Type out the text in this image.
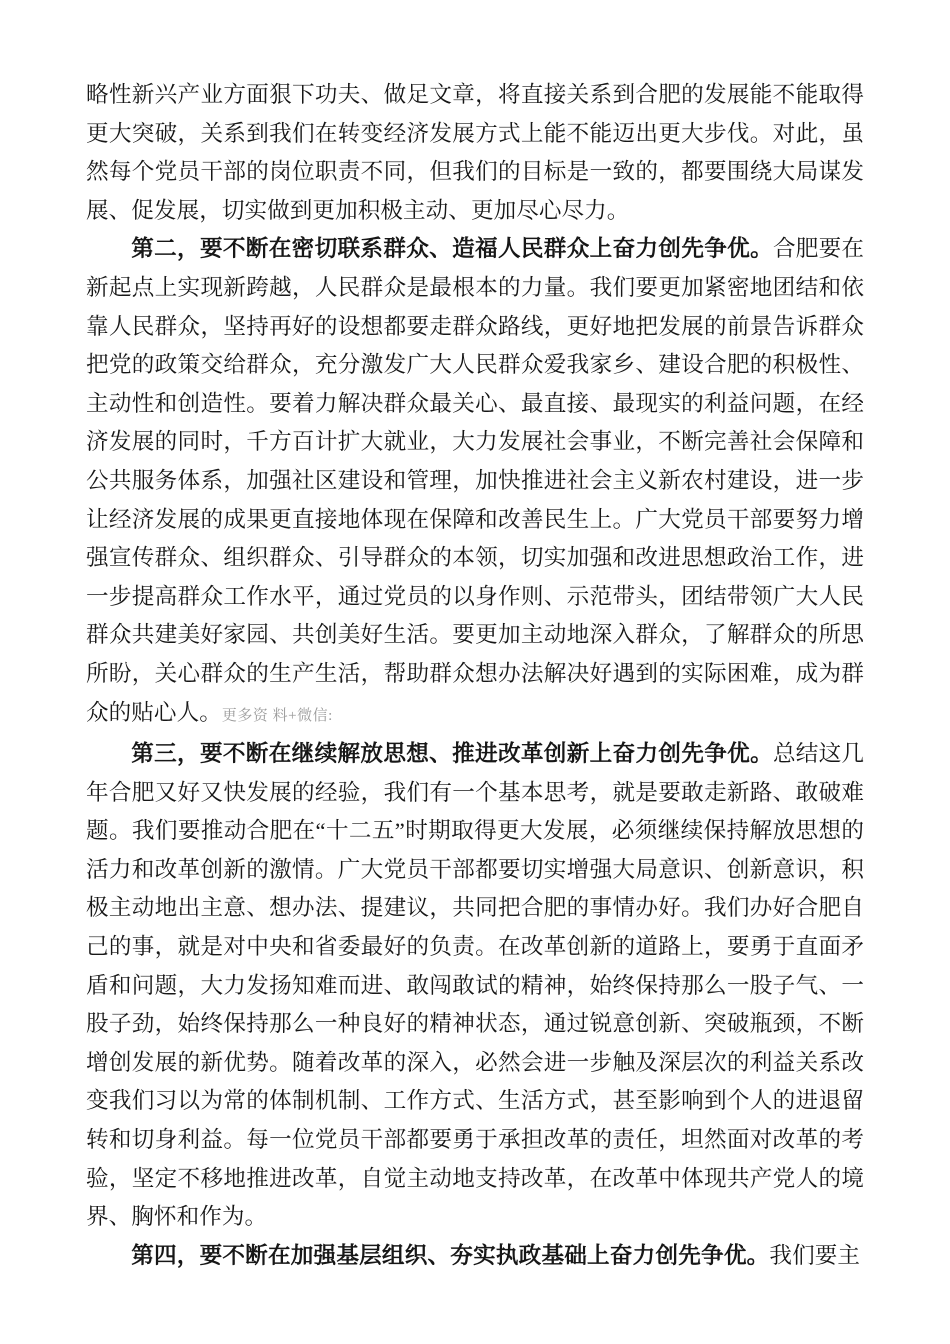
略性新兴产业方面狠下功夫、做足文章，将直接关系到合肥的发展能不能取得更大突破，关系到我们在转变经济发展方式上能不能迈出更大步伐。对此，虽然每个党员干部的岗位职责不同，但我们的目标是一致的，都要围绕大局谋发展、促发展，切实做到更加积极主动、更加尽心尽力。

第二，要不断在密切联系群众、造福人民群众上奋力创先争优。合肥要在新起点上实现新跨越，人民群众是最根本的力量。我们要更加紧密地团结和依靠人民群众，坚持再好的设想都要走群众路线，更好地把发展的前景告诉群众把党的政策交给群众，充分激发广大人民群众爱我家乡、建设合肥的积极性、主动性和创造性。要着力解决群众最关心、最直接、最现实的利益问题，在经济发展的同时，千方百计扩大就业，大力发展社会事业，不断完善社会保障和公共服务体系，加强社区建设和管理，加快推进社会主义新农村建设，进一步让经济发展的成果更直接地体现在保障和改善民生上。广大党员干部要努力增强宣传群众、组织群众、引导群众的本领，切实加强和改进思想政治工作，进一步提高群众工作水平，通过党员的以身作则、示范带头，团结带领广大人民群众共建美好家园、共创美好生活。要更加主动地深入群众，了解群众的所思所盼，关心群众的生产生活，帮助群众想办法解决好遇到的实际困难，成为群众的贴心人。更多资 料+微信:

第三，要不断在继续解放思想、推进改革创新上奋力创先争优。总结这几年合肥又好又快发展的经验，我们有一个基本思考，就是要敢走新路、敢破难题。我们要推动合肥在“十二五”时期取得更大发展，必须继续保持解放思想的活力和改革创新的激情。广大党员干部都要切实增强大局意识、创新意识，积极主动地出主意、想办法、提建议，共同把合肥的事情办好。我们办好合肥自己的事，就是对中央和省委最好的负责。在改革创新的道路上，要勇于直面矛盾和问题，大力发扬知难而进、敢闯敢试的精神，始终保持那么一股子气、一股子劲，始终保持那么一种良好的精神状态，通过锐意创新、突破瓶颈，不断增创发展的新优势。随着改革的深入，必然会进一步触及深层次的利益关系改变我们习以为常的体制机制、工作方式、生活方式，甚至影响到个人的进退留转和切身利益。每一位党员干部都要勇于承担改革的责任，坦然面对改革的考验，坚定不移地推进改革，自觉主动地支持改革，在改革中体现共产党人的境界、胸怀和作为。

第四，要不断在加强基层组织、夯实执政基础上奋力创先争优。我们要主
